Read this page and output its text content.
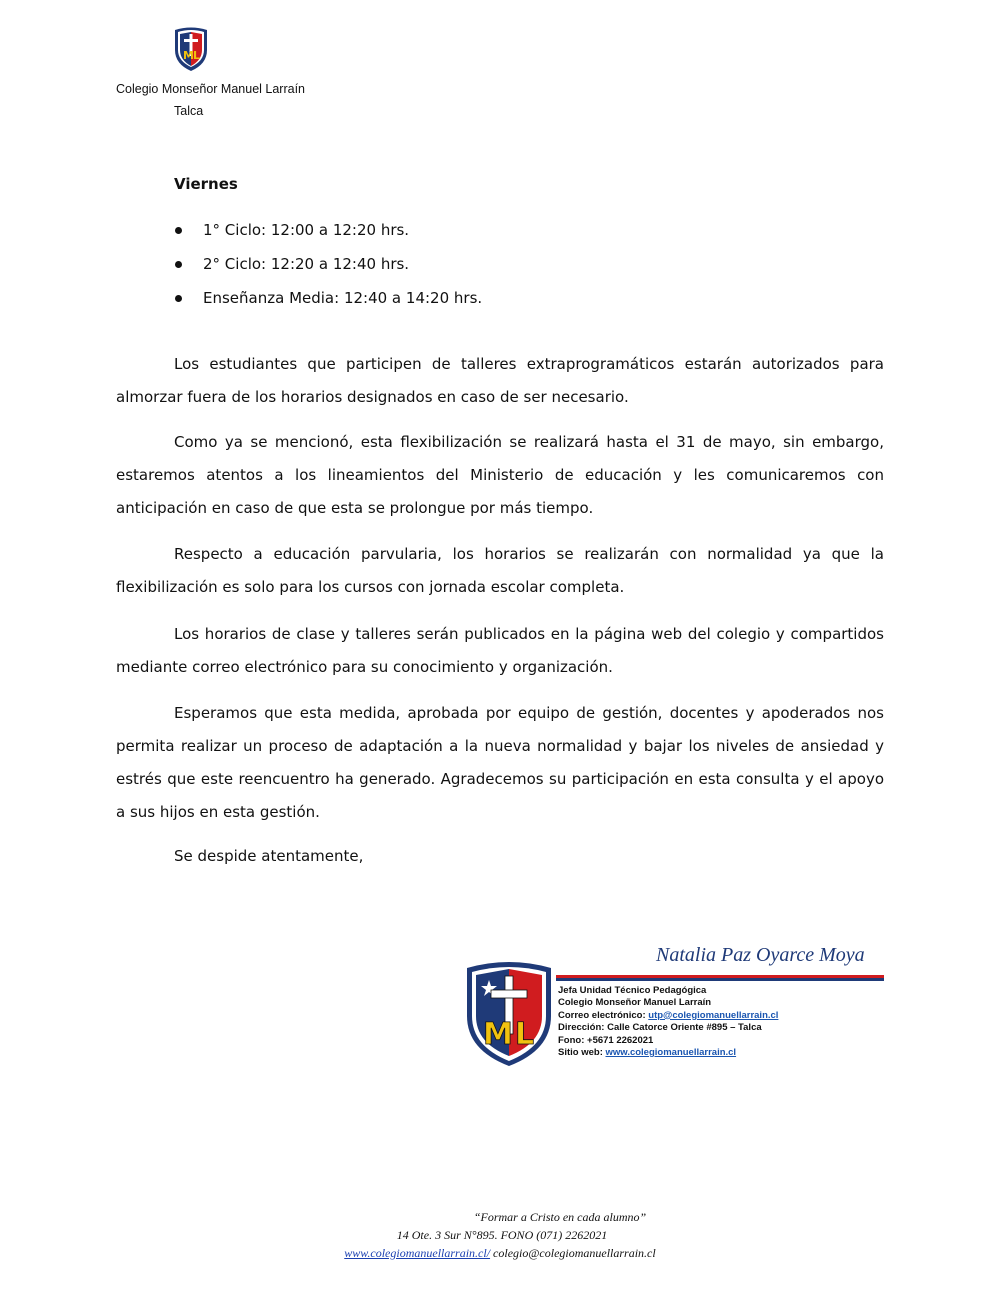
M L
Colegio Monseñor Manuel Larraín
Talca
Viernes
1° Ciclo: 12:00 a 12:20 hrs.
2° Ciclo: 12:20 a 12:40 hrs.
Enseñanza Media: 12:40 a 14:20 hrs.

Los estudiantes que participen de talleres extraprogramáticos estarán autorizados para almorzar fuera de los horarios designados en caso de ser necesario.

Como ya se mencionó, esta flexibilización se realizará hasta el 31 de mayo, sin embargo, estaremos atentos a los lineamientos del Ministerio de educación y les comunicaremos con anticipación en caso de que esta se prolongue por más tiempo.

Respecto a educación parvularia, los horarios se realizarán con normalidad ya que la flexibilización es solo para los cursos con jornada escolar completa.

Los horarios de clase y talleres serán publicados en la página web del colegio y compartidos mediante correo electrónico para su conocimiento y organización.

Esperamos que esta medida, aprobada por equipo de gestión, docentes y apoderados nos permita realizar un proceso de adaptación a la nueva normalidad y bajar los niveles de ansiedad y estrés que este reencuentro ha generado. Agradecemos su participación en esta consulta y el apoyo a sus hijos en esta gestión.

Se despide atentamente,

Natalia Paz Oyarce Moya
M L
Jefa Unidad Técnico Pedagógica
Colegio Monseñor Manuel Larraín
Correo electrónico: utp@colegiomanuellarrain.cl
Dirección: Calle Catorce Oriente #895 – Talca
Fono: +5671 2262021
Sitio web: www.colegiomanuellarrain.cl
“Formar a Cristo en cada alumno”
14 Ote. 3 Sur N°895. FONO (071) 2262021
www.colegiomanuellarrain.cl/ colegio@colegiomanuellarrain.cl
